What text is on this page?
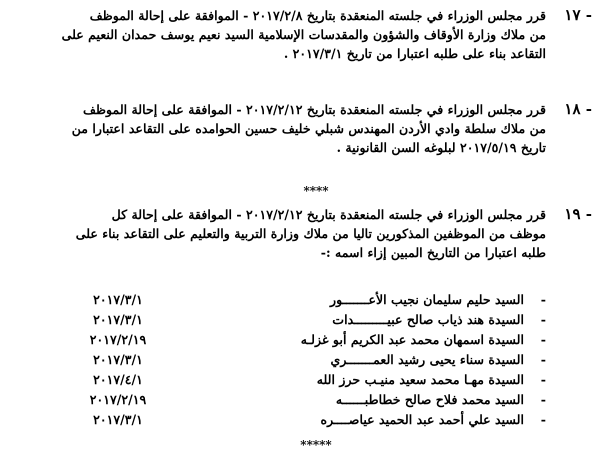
١٧ -
قرر مجلس الوزراء في جلسته المنعقدة بتاريخ ٢٠١٧/٢/٨ - الموافقة على إحالة الموظف
من ملاك وزارة الأوقاف والشؤون والمقدسات الإسلامية السيد نعيم يوسف حمدان النعيم على
التقاعد بناء على طلبه اعتبارا من تاريخ ٢٠١٧/٣/١ .
١٨ -
قرر مجلس الوزراء في جلسته المنعقدة بتاريخ ٢٠١٧/٢/١٢ - الموافقة على إحالة الموظف
من ملاك سلطة وادي الأردن المهندس شبلي خليف حسين الحوامده على التقاعد اعتبارا من
تاريخ ٢٠١٧/٥/١٩ لبلوغه السن القانونية .
****
١٩ -
قرر مجلس الوزراء في جلسته المنعقدة بتاريخ ٢٠١٧/٢/١٢ - الموافقة على إحالة كل
موظف من الموظفين المذكورين تاليا من ملاك وزارة التربية والتعليم على التقاعد بناء على
طلبه اعتبارا من التاريخ المبين إزاء اسمه :-
-
السيد حليم سليمان نجيب الأعـــــــور
٢٠١٧/٣/١
-
السيدة هند ذياب صالح عبيـــــــــدات
٢٠١٧/٣/١
-
السيدة اسمهان محمد عبد الكريم أبو غزلـه
٢٠١٧/٢/١٩
-
السيدة سناء يحيى رشيد العمـــــــري
٢٠١٧/٣/١
-
السيدة مهـا محمد سعيد منيـب حرز الله
٢٠١٧/٤/١
-
السيد محمد فلاح صالح خطاطبــــــه
٢٠١٧/٢/١٩
-
السيد علي أحمد عبد الحميد عياصــــره
٢٠١٧/٣/١
*****
